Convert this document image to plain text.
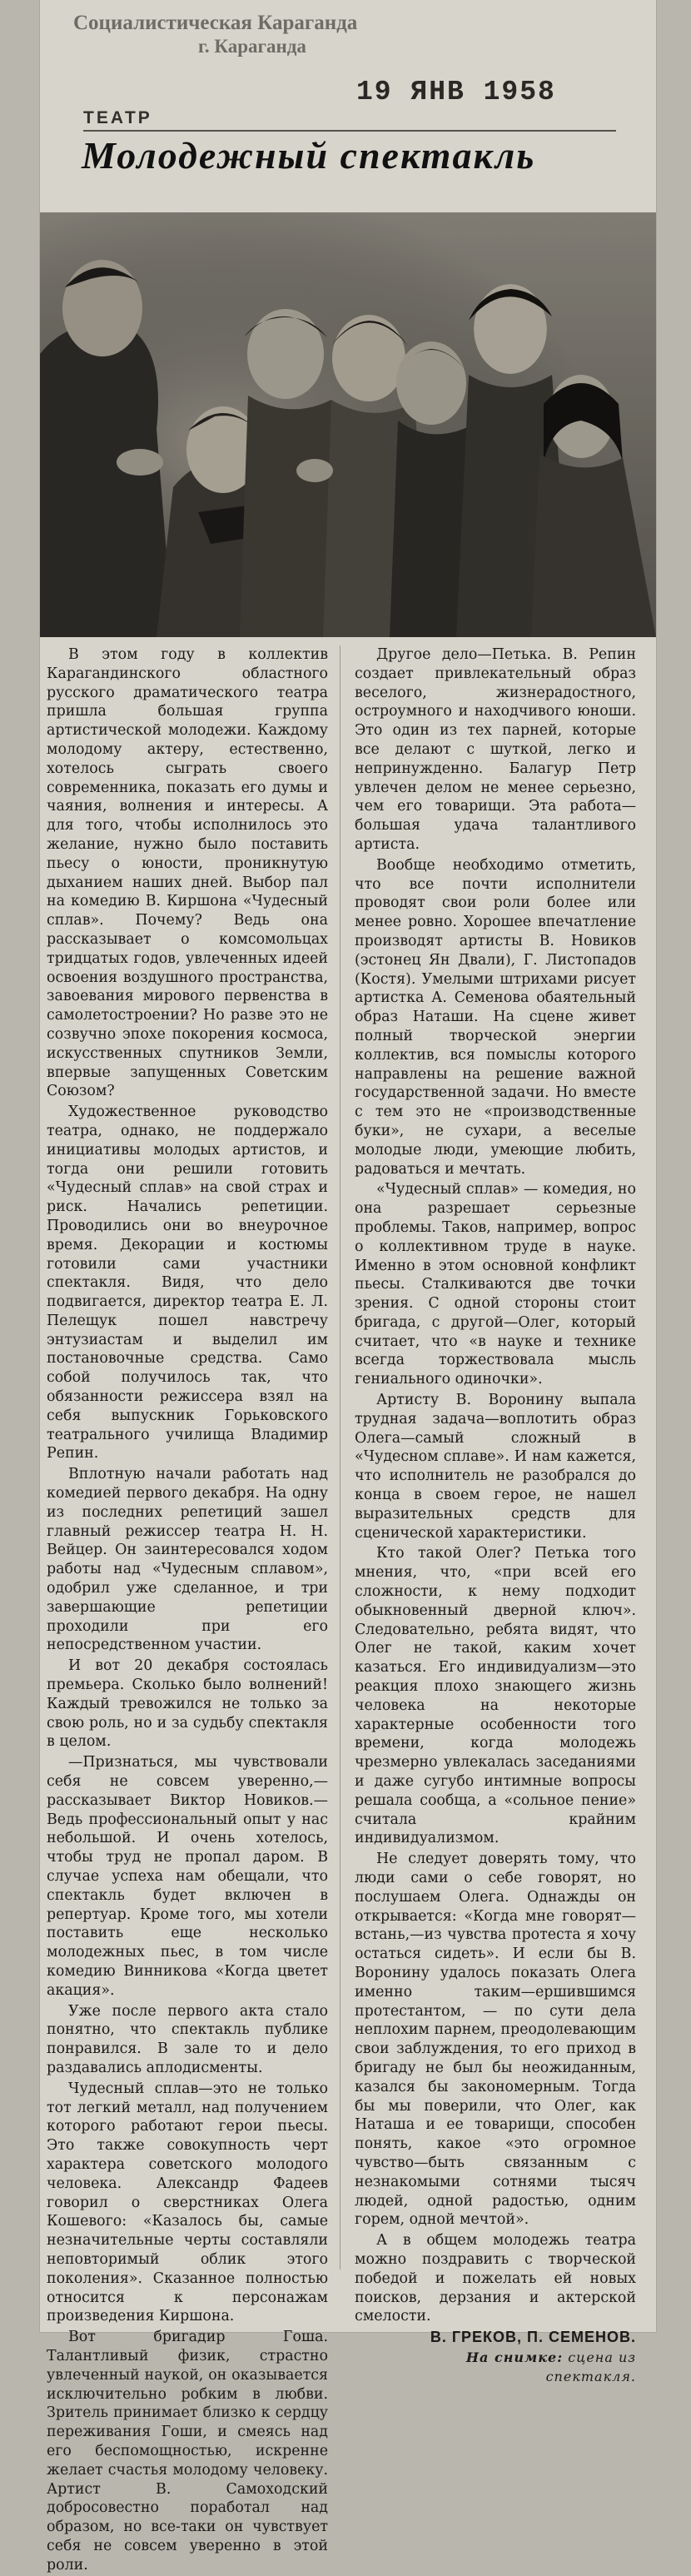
Социалистическая Караганда
г. Караганда
19 ЯНВ 1958
ТЕАТР
Молодежный спектакль

В этом году в коллектив Карагандинского областного русского драматического театра пришла большая группа артистической молодежи. Каждому молодому актеру, естественно, хотелось сыграть своего современника, показать его думы и чаяния, волнения и интересы. А для того, чтобы исполнилось это желание, нужно было поставить пьесу о юности, проникнутую дыханием наших дней. Выбор пал на комедию В. Киршона «Чудесный сплав». Почему? Ведь она рассказывает о комсомольцах тридцатых годов, увлеченных идеей освоения воздушного пространства, завоевания мирового первенства в самолетостроении? Но разве это не созвучно эпохе покорения космоса, искусственных спутников Земли, впервые запущенных Советским Союзом?

Художественное руководство театра, однако, не поддержало инициативы молодых артистов, и тогда они решили готовить «Чудесный сплав» на свой страх и риск. Начались репетиции. Проводились они во внеурочное время. Декорации и костюмы готовили сами участники спектакля. Видя, что дело подвигается, директор театра Е. Л. Пелещук пошел навстречу энтузиастам и выделил им постановочные средства. Само собой получилось так, что обязанности режиссера взял на себя выпускник Горьковского театрального училища Владимир Репин.

Вплотную начали работать над комедией первого декабря. На одну из последних репетиций зашел главный режиссер театра Н. Н. Вейцер. Он заинтересовался ходом работы над «Чудесным сплавом», одобрил уже сделанное, и три завершающие репетиции проходили при его непосредственном участии.

И вот 20 декабря состоялась премьера. Сколько было волнений! Каждый тревожился не только за свою роль, но и за судьбу спектакля в целом.

—Признаться, мы чувствовали себя не совсем уверенно,—рассказывает Виктор Новиков.—Ведь профессиональный опыт у нас небольшой. И очень хотелось, чтобы труд не пропал даром. В случае успеха нам обещали, что спектакль будет включен в репертуар. Кроме того, мы хотели поставить еще несколько молодежных пьес, в том числе комедию Винникова «Когда цветет акация».

Уже после первого акта стало понятно, что спектакль публике понравился. В зале то и дело раздавались аплодисменты.

Чудесный сплав—это не только тот легкий металл, над получением которого работают герои пьесы. Это также совокупность черт характера советского молодого человека. Александр Фадеев говорил о сверстниках Олега Кошевого: «Казалось бы, самые незначительные черты составляли неповторимый облик этого поколения». Сказанное полностью относится к персонажам произведения Киршона.

Вот бригадир Гоша. Талантливый физик, страстно увлеченный наукой, он оказывается исключительно робким в любви. Зритель принимает близко к сердцу переживания Гоши, и смеясь над его беспомощностью, искренне желает счастья молодому человеку. Артист В. Самоходский добросовестно поработал над образом, но все-таки он чувствует себя не совсем уверенно в этой роли.

Другое дело—Петька. В. Репин создает привлекательный образ веселого, жизнерадостного, остроумного и находчивого юноши. Это один из тех парней, которые все делают с шуткой, легко и непринужденно. Балагур Петр увлечен делом не менее серьезно, чем его товарищи. Эта работа—большая удача талантливого артиста.

Вообще необходимо отметить, что все почти исполнители проводят свои роли более или менее ровно. Хорошее впечатление производят артисты В. Новиков (эстонец Ян Двали), Г. Листопадов (Костя). Умелыми штрихами рисует артистка А. Семенова обаятельный образ Наташи. На сцене живет полный творческой энергии коллектив, вся помыслы которого направлены на решение важной государственной задачи. Но вместе с тем это не «производственные буки», не сухари, а веселые молодые люди, умеющие любить, радоваться и мечтать.

«Чудесный сплав» — комедия, но она разрешает серьезные проблемы. Таков, например, вопрос о коллективном труде в науке. Именно в этом основной конфликт пьесы. Сталкиваются две точки зрения. С одной стороны стоит бригада, с другой—Олег, который считает, что «в науке и технике всегда торжествовала мысль гениального одиночки».

Артисту В. Воронину выпала трудная задача—воплотить образ Олега—самый сложный в «Чудесном сплаве». И нам кажется, что исполнитель не разобрался до конца в своем герое, не нашел выразительных средств для сценической характеристики.

Кто такой Олег? Петька того мнения, что, «при всей его сложности, к нему подходит обыкновенный дверной ключ». Следовательно, ребята видят, что Олег не такой, каким хочет казаться. Его индивидуализм—это реакция плохо знающего жизнь человека на некоторые характерные особенности того времени, когда молодежь чрезмерно увлекалась заседаниями и даже сугубо интимные вопросы решала сообща, а «сольное пение» считала крайним индивидуализмом.

Не следует доверять тому, что люди сами о себе говорят, но послушаем Олега. Однажды он открывается: «Когда мне говорят—встань,—из чувства протеста я хочу остаться сидеть». И если бы В. Воронину удалось показать Олега именно таким—ершившимся протестантом, — по сути дела неплохим парнем, преодолевающим свои заблуждения, то его приход в бригаду не был бы неожиданным, казался бы закономерным. Тогда бы мы поверили, что Олег, как Наташа и ее товарищи, способен понять, какое «это огромное чувство—быть связанным с незнакомыми сотнями тысяч людей, одной радостью, одним горем, одной мечтой».

А в общем молодежь театра можно поздравить с творческой победой и пожелать ей новых поисков, дерзания и актерской смелости.

В. ГРЕКОВ, П. СЕМЕНОВ.

На снимке: сцена из спектакля.
